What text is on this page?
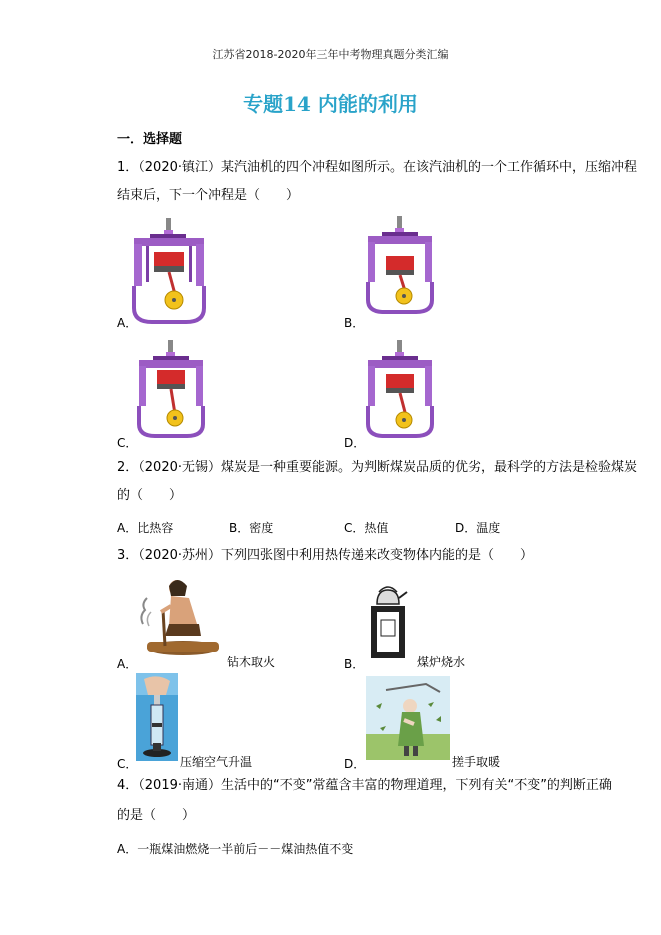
江苏省2018-2020年三年中考物理真题分类汇编
专题14 内能的利用
一．选择题
1．（2020·镇江）某汽油机的四个冲程如图所示。在该汽油机的一个工作循环中，压缩冲程
结束后，下一个冲程是（　　）
A．	B．
C．	D．
2．（2020·无锡）煤炭是一种重要能源。为判断煤炭品质的优劣，最科学的方法是检验煤炭
的（　　）
A．比热容	B．密度	C．热值	D．温度
3．（2020·苏州）下列四张图中利用热传递来改变物体内能的是（　　）
A．	钻木取火	B．	煤炉烧水
C．	压缩空气升温	D．	搓手取暖
4．（2019·南通）生活中的“不变”常蕴含丰富的物理道理，下列有关“不变”的判断正确
的是（　　）
A．一瓶煤油燃烧一半前后－－煤油热值不变
